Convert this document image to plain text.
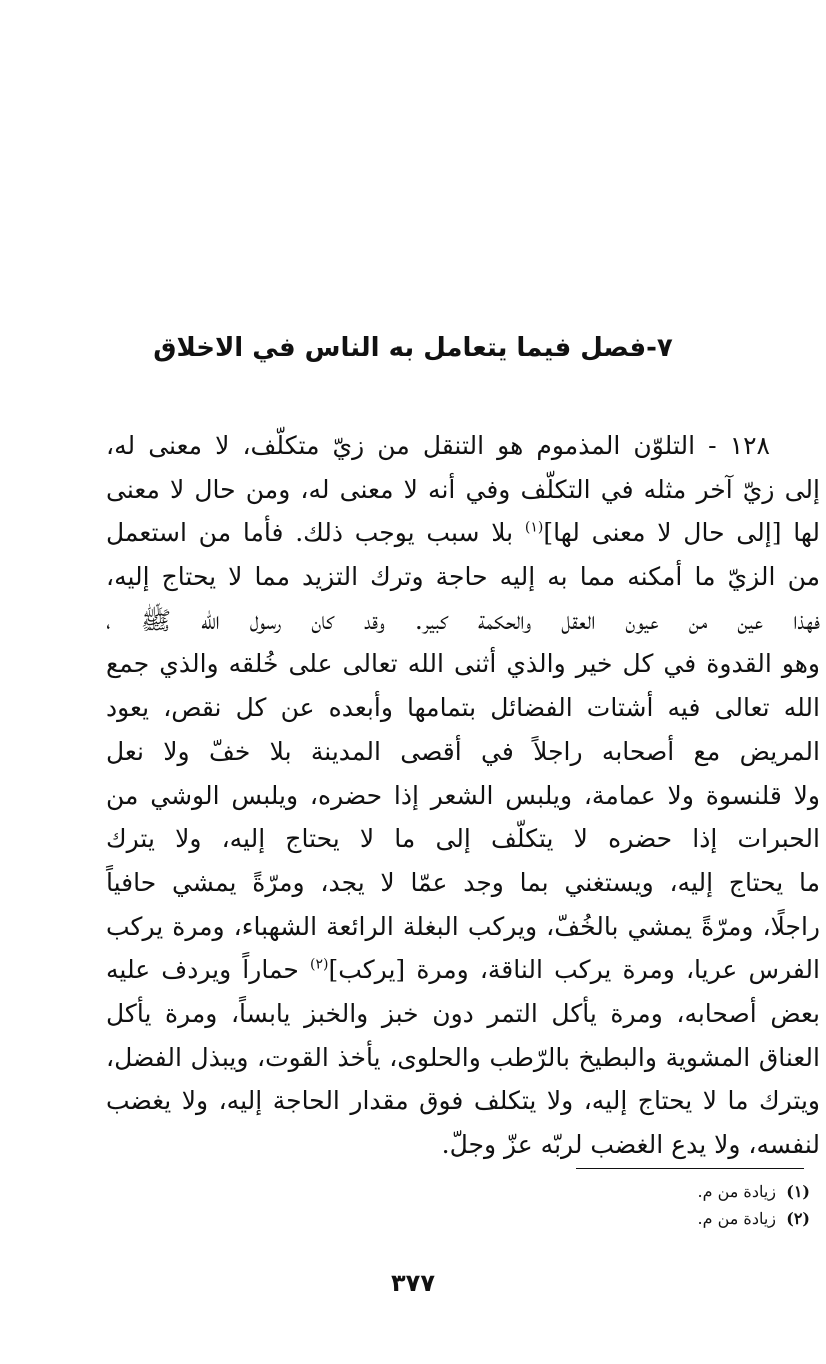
٧-فصل فيما يتعامل به الناس في الاخلاق
١٢٨ - التلوّن المذموم هو التنقل من زيّ متكلّف، لا معنى له،
إلى زيّ آخر مثله في التكلّف وفي أنه لا معنى له، ومن حال لا معنى
لها [إلى حال لا معنى لها]$^{(١)}$ بلا سبب يوجب ذلك. فأما من استعمل
من الزيّ ما أمكنه مما به إليه حاجة وترك التزيد مما لا يحتاج إليه،
فهذا عين من عيون العقل والحكمة كبير. وقد كان رسول الله ﷺ ،
وهو القدوة في كل خير والذي أثنى الله تعالى على خُلقه والذي جمع
الله تعالى فيه أشتات الفضائل بتمامها وأبعده عن كل نقص، يعود
المريض مع أصحابه راجلاً في أقصى المدينة بلا خفّ ولا نعل
ولا قلنسوة ولا عمامة، ويلبس الشعر إذا حضره، ويلبس الوشي من
الحبرات إذا حضره لا يتكلّف إلى ما لا يحتاج إليه، ولا يترك
ما يحتاج إليه، ويستغني بما وجد عمّا لا يجد، ومرّةً يمشي حافياً
راجلًا، ومرّةً يمشي بالخُفّ، ويركب البغلة الرائعة الشهباء، ومرة يركب
الفرس عريا، ومرة يركب الناقة، ومرة [يركب]$^{(٢)}$ حماراً ويردف عليه
بعض أصحابه، ومرة يأكل التمر دون خبز والخبز يابساً، ومرة يأكل
العناق المشوية والبطيخ بالرّطب والحلوى، يأخذ القوت، ويبذل الفضل،
ويترك ما لا يحتاج إليه، ولا يتكلف فوق مقدار الحاجة إليه، ولا يغضب
لنفسه، ولا يدع الغضب لربّه عزّ وجلّ.
(١)زيادة من م.
(٢)زيادة من م.
٣٧٧
